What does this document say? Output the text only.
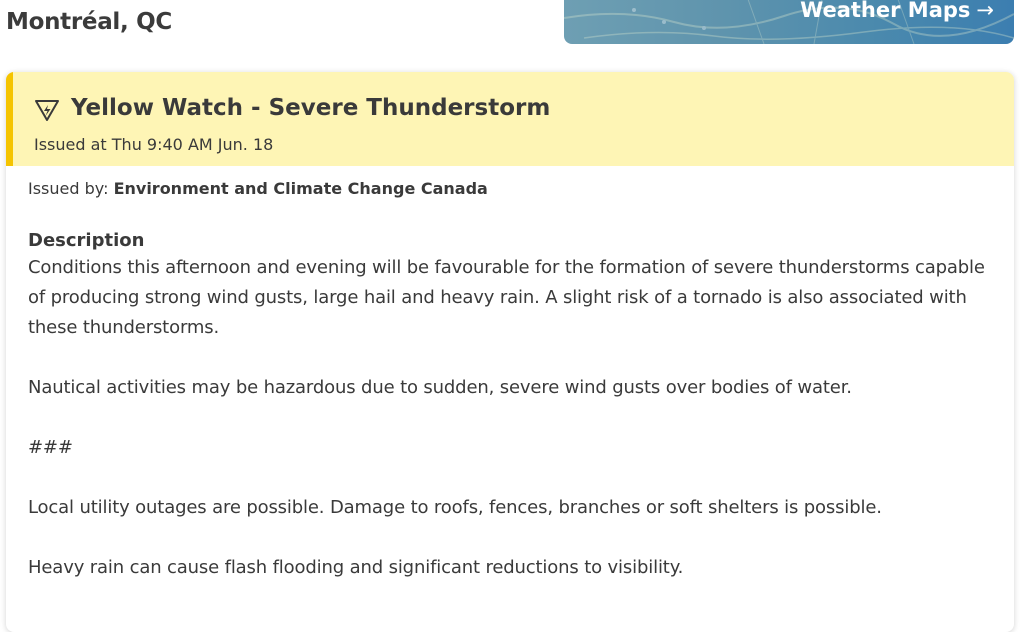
Montréal, QC	Weather Maps →
Yellow Watch - Severe Thunderstorm
Issued at Thu 9:40 AM Jun. 18
Issued by: Environment and Climate Change Canada
Description

Conditions this afternoon and evening will be favourable for the formation of severe thunderstorms capable of producing strong wind gusts, large hail and heavy rain. A slight risk of a tornado is also associated with these thunderstorms.

Nautical activities may be hazardous due to sudden, severe wind gusts over bodies of water.

###

Local utility outages are possible. Damage to roofs, fences, branches or soft shelters is possible.

Heavy rain can cause flash flooding and significant reductions to visibility.
